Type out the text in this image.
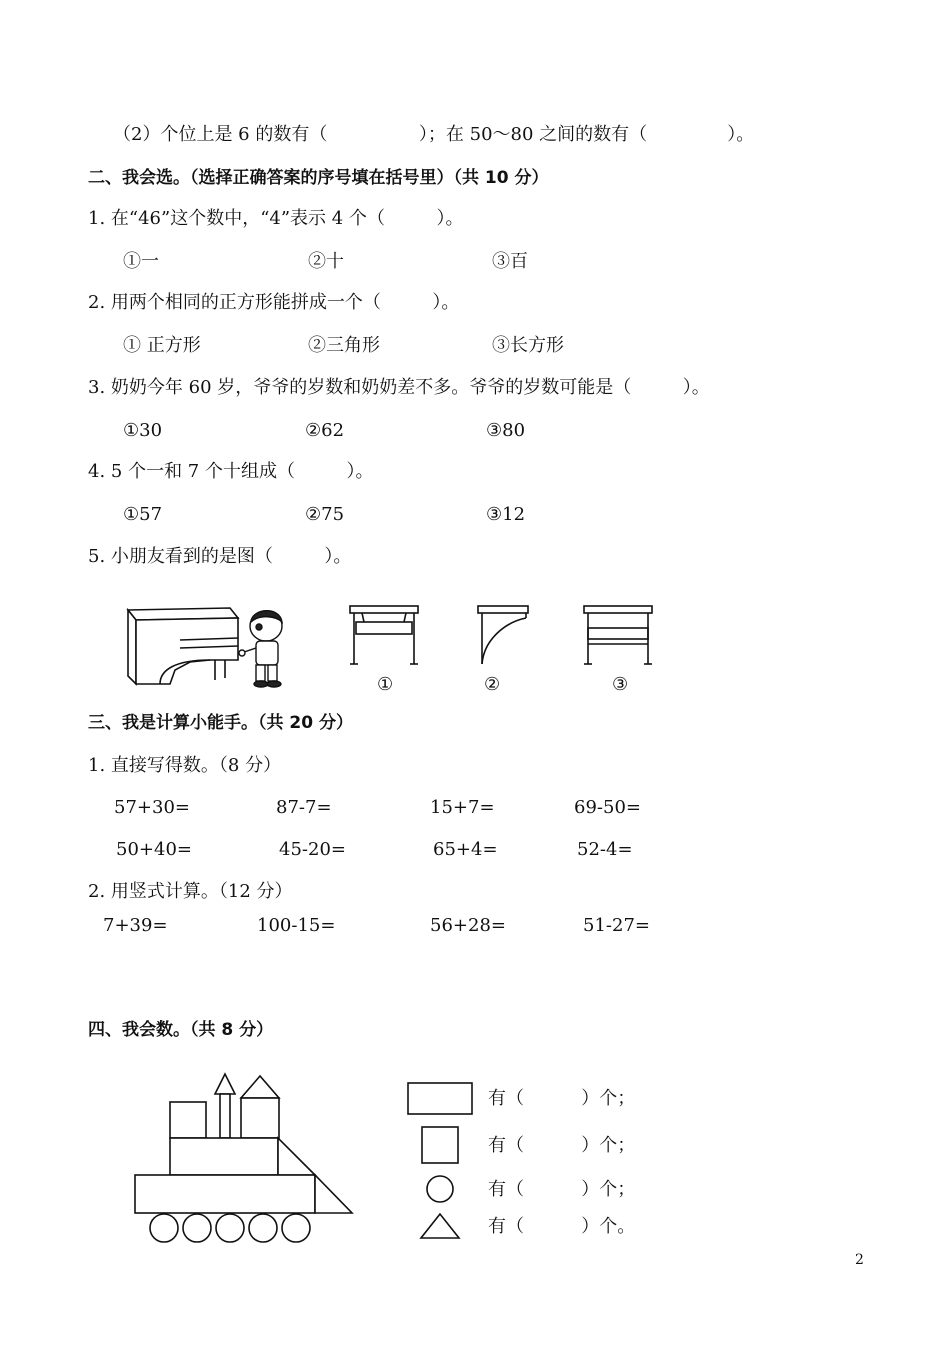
（2）个位上是 6 的数有（                ）；在 50～80 之间的数有（              ）。
二、我会选。（选择正确答案的序号填在括号里）（共 10 分）
1. 在“46”这个数中，“4”表示 4 个（         ）。
①一	②十	③百
2. 用两个相同的正方形能拼成一个（         ）。
① 正方形	②三角形	③长方形
3. 奶奶今年 60 岁，爷爷的岁数和奶奶差不多。爷爷的岁数可能是（         ）。
①30	②62	③80
4. 5 个一和 7 个十组成（         ）。
①57	②75	③12
5. 小朋友看到的是图（         ）。
①	②	③
三、我是计算小能手。（共 20 分）
1. 直接写得数。（8 分）
57+30=	87-7=	15+7=	69-50=
50+40=	45-20=	65+4=	52-4=
2. 用竖式计算。（12 分）
7+39=	100-15=	56+28=	51-27=
四、我会数。（共 8 分）
有（          ）个；
有（          ）个；
有（          ）个；
有（          ）个。
2
